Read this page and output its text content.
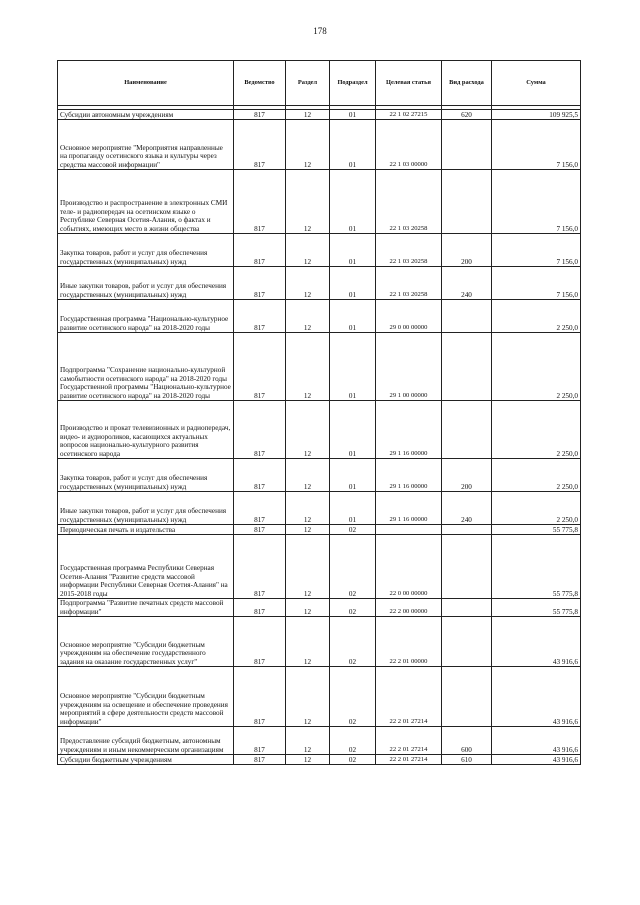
178
Наименование	Ведомство	Раздел	Подраздел	Целевая статья	Вид расхода	Сумма

Субсидии автономным учреждениям	817	12	01	22 1 02 27215	620	109 925,5
Основное мероприятие "Мероприятия направленные на пропаганду осетинского языка и культуры через средства массовой информации"	817	12	01	22 1 03 00000		7 156,0
Производство и распространение в электронных СМИ теле- и радиопередач на осетинском языке о Республике Северная Осетия-Алания, о фактах и событиях, имеющих место в жизни общества	817	12	01	22 1 03 20258		7 156,0
Закупка товаров, работ и услуг для обеспечения государственных (муниципальных) нужд	817	12	01	22 1 03 20258	200	7 156,0
Иные закупки товаров, работ и услуг для обеспечения государственных (муниципальных) нужд	817	12	01	22 1 03 20258	240	7 156,0
Государственная программа "Национально-культурное развитие осетинского народа" на 2018-2020 годы	817	12	01	29 0 00 00000		2 250,0
Подпрограмма "Сохранение национально-культурной самобытности осетинского народа" на 2018-2020 годы Государственной программы "Национально-культурное развитие осетинского народа" на 2018-2020 годы	817	12	01	29 1 00 00000		2 250,0
Производство и прокат телевизионных и радиопередач, видео- и аудиороликов, касающихся актуальных вопросов национально-культурного развития осетинского народа	817	12	01	29 1 16 00000		2 250,0
Закупка товаров, работ и услуг для обеспечения государственных (муниципальных) нужд	817	12	01	29 1 16 00000	200	2 250,0
Иные закупки товаров, работ и услуг для обеспечения государственных (муниципальных) нужд	817	12	01	29 1 16 00000	240	2 250,0
Периодическая печать и издательства	817	12	02			55 775,8
Государственная программа Республики Северная Осетия-Алания "Развитие средств массовой информации Республики Северная Осетия-Алания" на 2015-2018 годы	817	12	02	22 0 00 00000		55 775,8
Подпрограмма "Развитие печатных средств массовой информации"	817	12	02	22 2 00 00000		55 775,8
Основное мероприятие "Субсидии бюджетным учреждениям на обеспечение государственного задания на оказание государственных услуг"	817	12	02	22 2 01 00000		43 916,6
Основное мероприятие "Субсидии бюджетным учреждениям на освещение и обеспечение проведения мероприятий в сфере деятельности средств массовой информации"	817	12	02	22 2 01 27214		43 916,6
Предоставление субсидий бюджетным, автономным учреждениям и иным некоммерческим организациям	817	12	02	22 2 01 27214	600	43 916,6
Субсидии бюджетным учреждениям	817	12	02	22 2 01 27214	610	43 916,6
